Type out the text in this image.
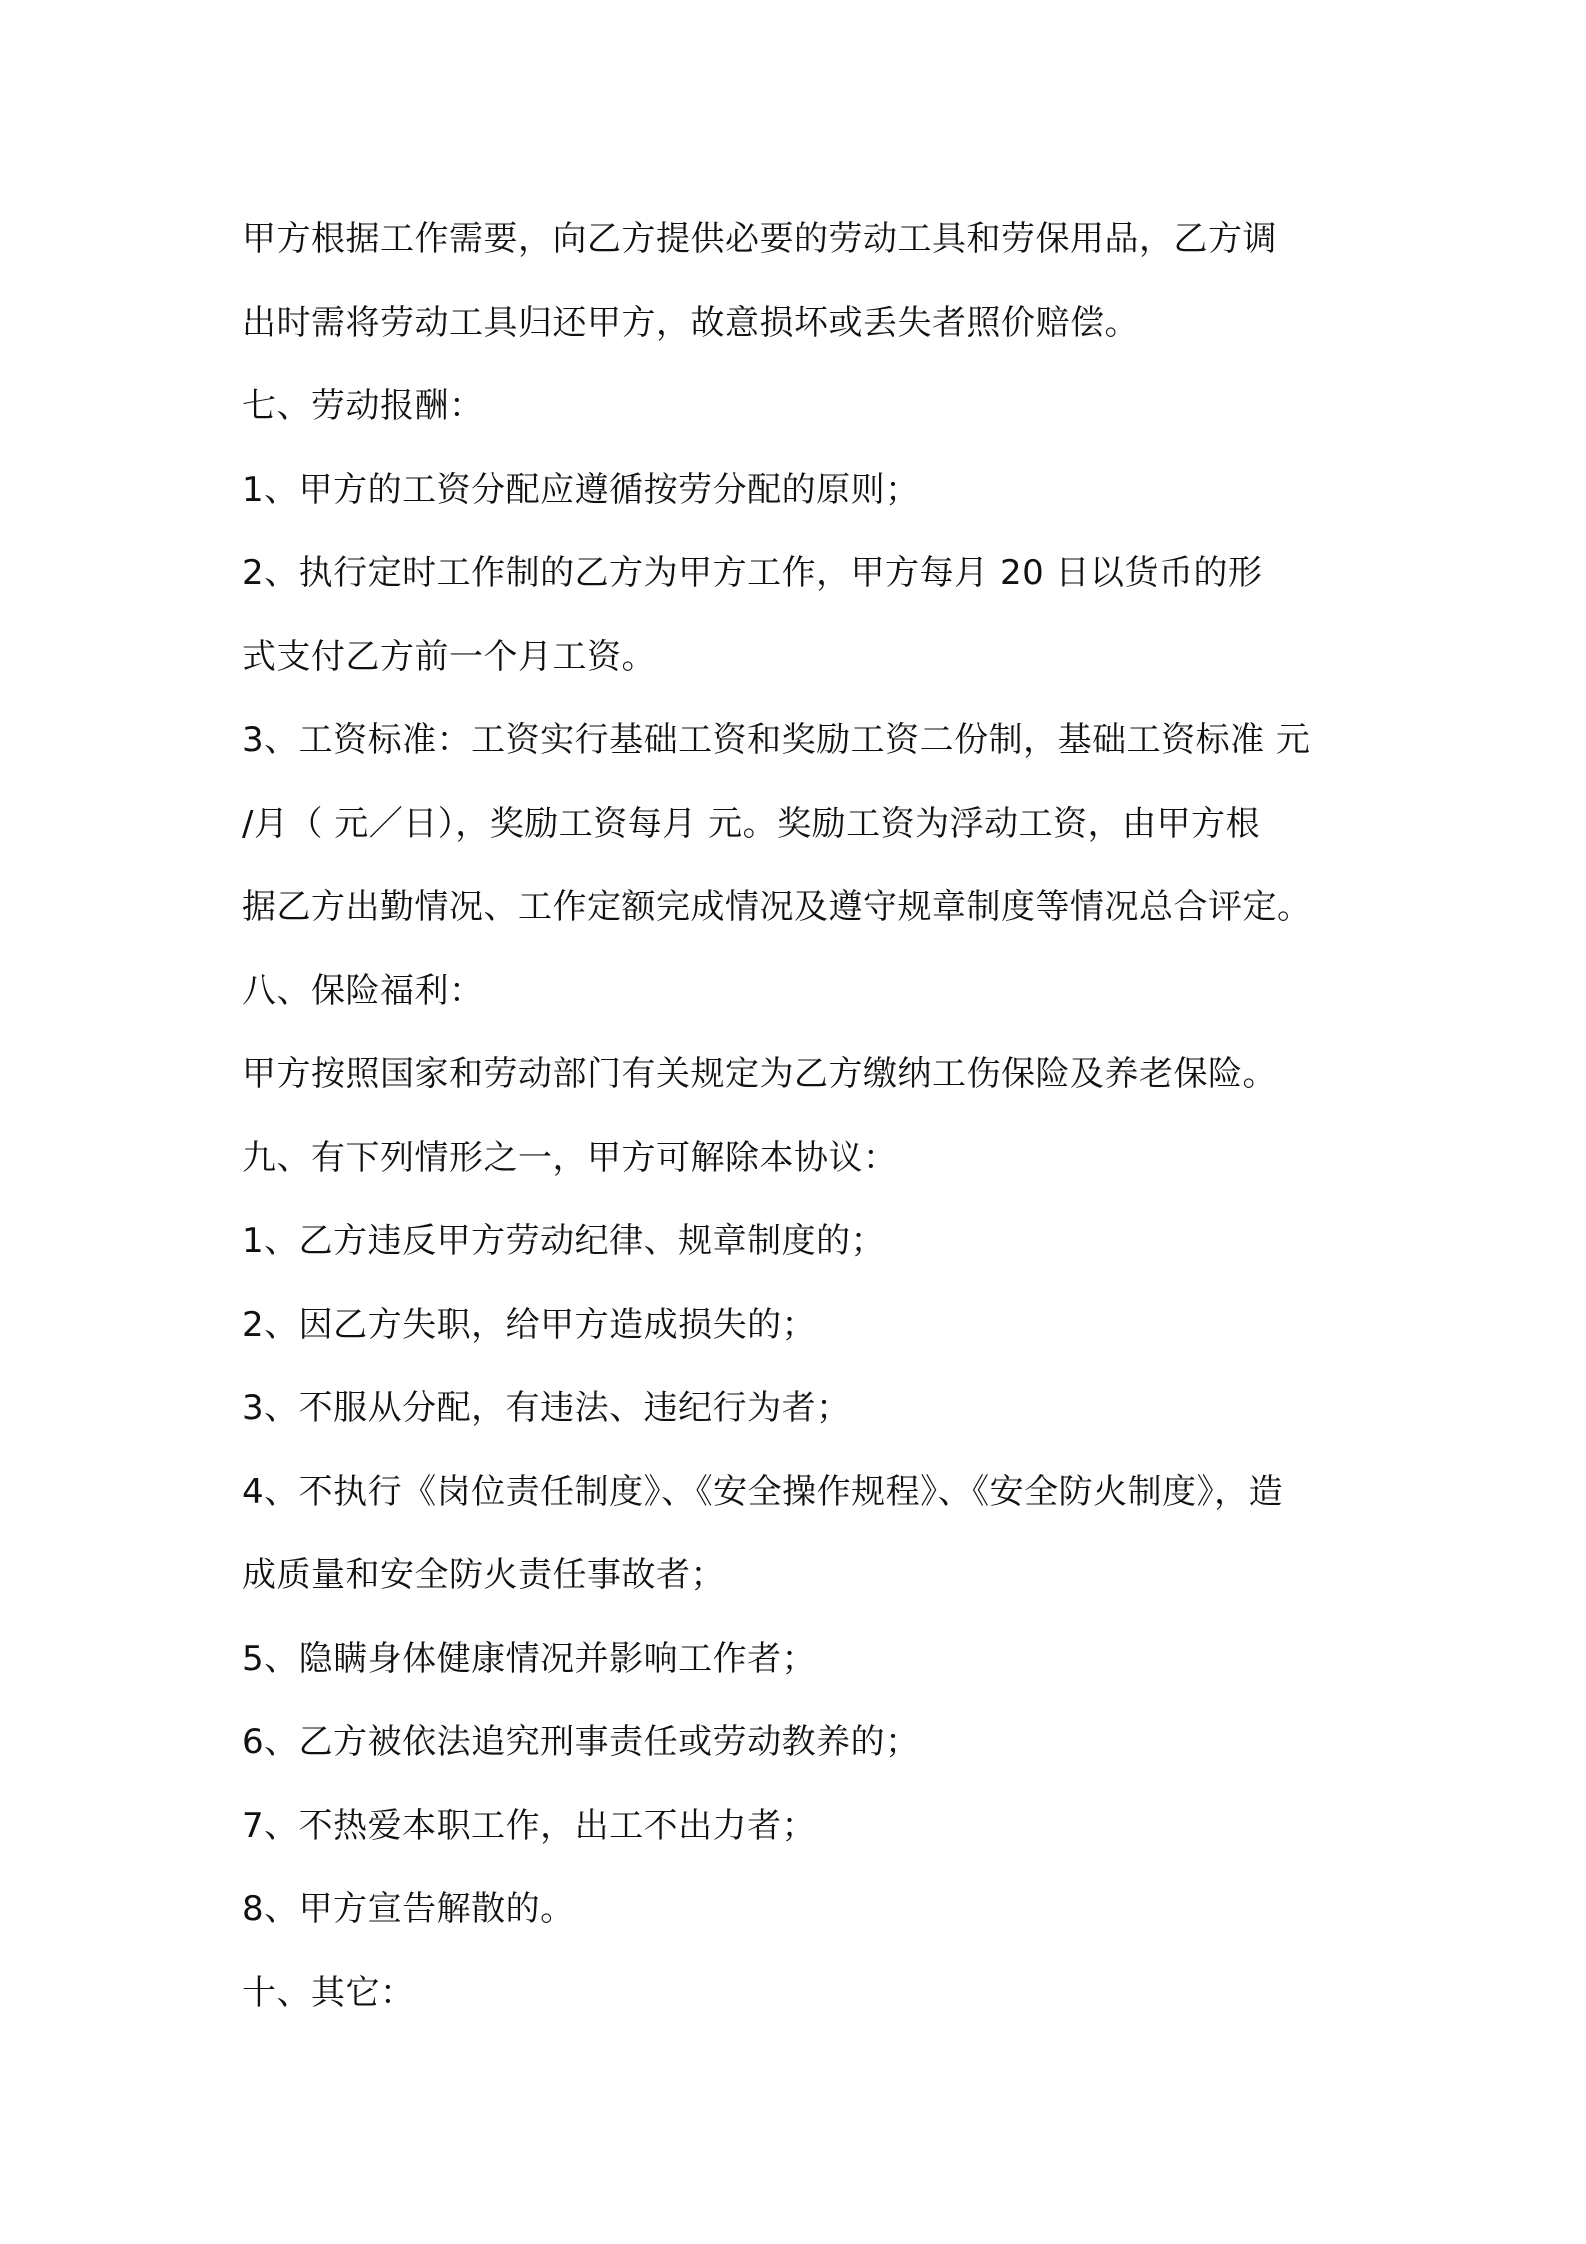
甲方根据工作需要，向乙方提供必要的劳动工具和劳保用品，乙方调
出时需将劳动工具归还甲方，故意损坏或丢失者照价赔偿。
七、劳动报酬：
1、甲方的工资分配应遵循按劳分配的原则；
2、执行定时工作制的乙方为甲方工作，甲方每月 20 日以货币的形
式支付乙方前一个月工资。
3、工资标准：工资实行基础工资和奖励工资二份制，基础工资标准 元
/月（ 元／日），奖励工资每月 元。奖励工资为浮动工资，由甲方根
据乙方出勤情况、工作定额完成情况及遵守规章制度等情况总合评定。
八、保险福利：
甲方按照国家和劳动部门有关规定为乙方缴纳工伤保险及养老保险。
九、有下列情形之一，甲方可解除本协议：
1、乙方违反甲方劳动纪律、规章制度的；
2、因乙方失职，给甲方造成损失的；
3、不服从分配，有违法、违纪行为者；
4、不执行《岗位责任制度》、《安全操作规程》、《安全防火制度》，造
成质量和安全防火责任事故者；
5、隐瞒身体健康情况并影响工作者；
6、乙方被依法追究刑事责任或劳动教养的；
7、不热爱本职工作，出工不出力者；
8、甲方宣告解散的。
十、其它：
